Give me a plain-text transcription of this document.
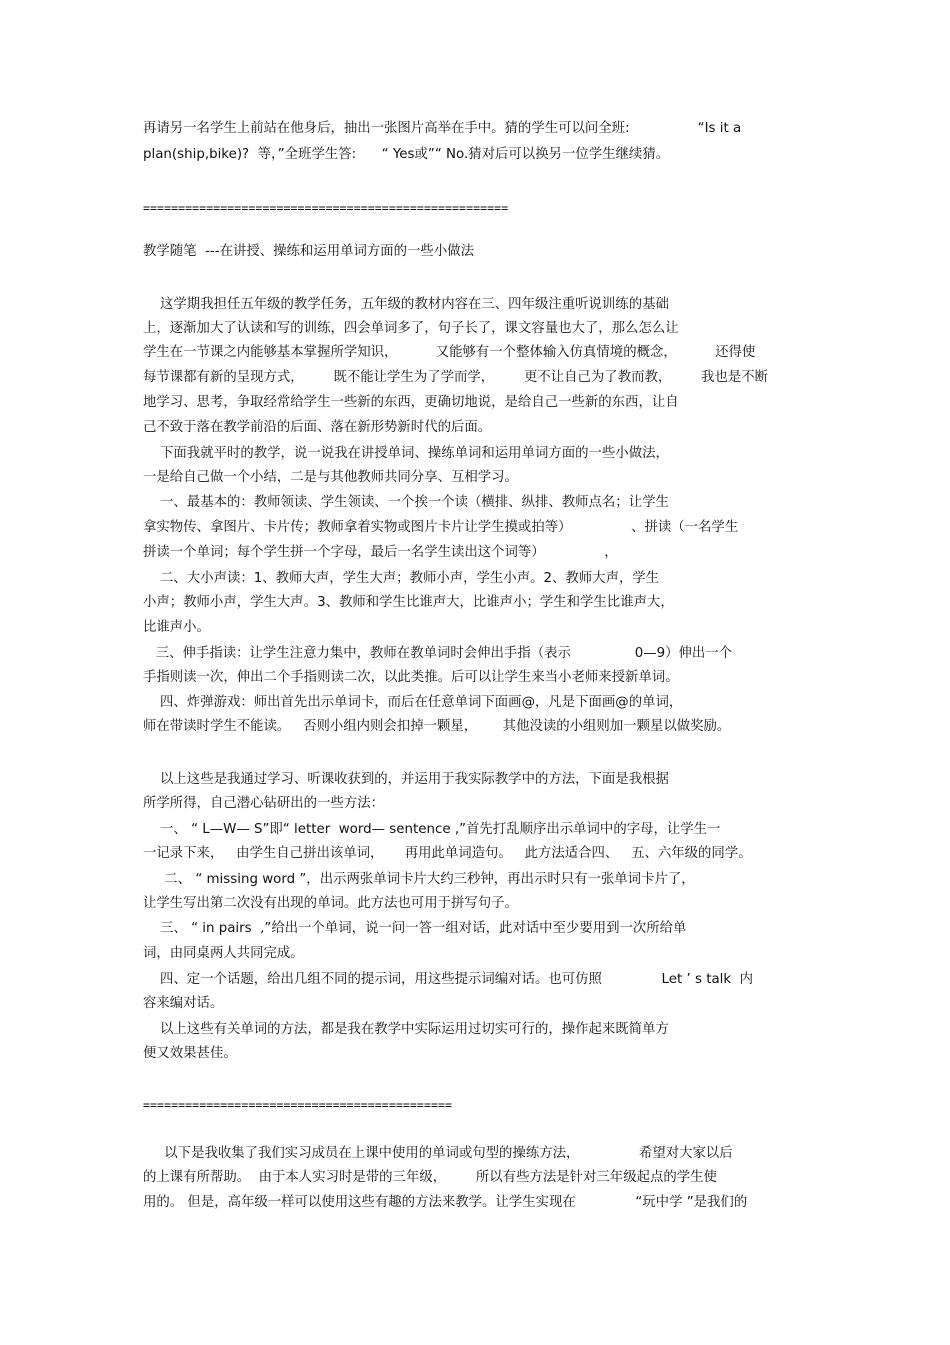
再请另一名学生上前站在他身后，抽出一张图片高举在手中。猜的学生可以问全班:                “Is it a
plan(ship,bike)?  等，”全班学生答:      “ Yes或”“ No.猜对后可以换另一位学生继续猜。
====================================================
教学随笔  ---在讲授、操练和运用单词方面的一些小做法
这学期我担任五年级的教学任务，五年级的教材内容在三、四年级注重听说训练的基础
上，逐渐加大了认读和写的训练，四会单词多了，句子长了，课文容量也大了，那么怎么让
学生在一节课之内能够基本掌握所学知识，         又能够有一个整体输入仿真情境的概念，         还得使
每节课都有新的呈现方式，       既不能让学生为了学而学，       更不让自己为了教而教，       我也是不断
地学习、思考，争取经常给学生一些新的东西，更确切地说，是给自己一些新的东西，让自
己不致于落在教学前沿的后面、落在新形势新时代的后面。
下面我就平时的教学，说一说我在讲授单词、操练单词和运用单词方面的一些小做法，
一是给自己做一个小结，二是与其他教师共同分享、互相学习。
一、最基本的：教师领读、学生领读、一个挨一个读（横排、纵排、教师点名；让学生
拿实物传、拿图片、卡片传；教师拿着实物或图片卡片让学生摸或拍等）              、拼读（一名学生
拼读一个单词；每个学生拼一个字母，最后一名学生读出这个词等）              ，
二、大小声读：1、教师大声，学生大声；教师小声，学生小声。2、教师大声，学生
小声；教师小声，学生大声。3、教师和学生比谁声大，比谁声小；学生和学生比谁声大，
比谁声小。
三、伸手指读：让学生注意力集中，教师在教单词时会伸出手指（表示               0—9）伸出一个
手指则读一次，伸出二个手指则读二次，以此类推。后可以让学生来当小老师来授新单词。
四、炸弹游戏：师出首先出示单词卡，而后在任意单词下面画@，凡是下面画@的单词，
师在带读时学生不能读。   否则小组内则会扣掉一颗星，      其他没读的小组则加一颗星以做奖励。
以上这些是我通过学习、听课收获到的，并运用于我实际教学中的方法，下面是我根据
所学所得，自己潜心钻研出的一些方法：
一、 “ L—W— S”即“ letter  word— sentence ,”首先打乱顺序出示单词中的字母，让学生一
一记录下来，   由学生自己拼出该单词，     再用此单词造句。   此方法适合四、   五、六年级的同学。
二、 “ missing word ”，出示两张单词卡片大约三秒钟，再出示时只有一张单词卡片了，
让学生写出第二次没有出现的单词。此方法也可用于拼写句子。
三、 “ in pairs  ,”给出一个单词，说一问一答一组对话，此对话中至少要用到一次所给单
词，由同桌两人共同完成。
四、定一个话题，给出几组不同的提示词，用这些提示词编对话。也可仿照              Let ’ s talk  内
容来编对话。
以上这些有关单词的方法，都是我在教学中实际运用过切实可行的，操作起来既简单方
便又效果甚佳。
============================================
以下是我收集了我们实习成员在上课中使用的单词或句型的操练方法，              希望对大家以后
的上课有所帮助。  由于本人实习时是带的三年级，       所以有些方法是针对三年级起点的学生使
用的。 但是，高年级一样可以使用这些有趣的方法来教学。让学生实现在              “玩中学 ”是我们的
